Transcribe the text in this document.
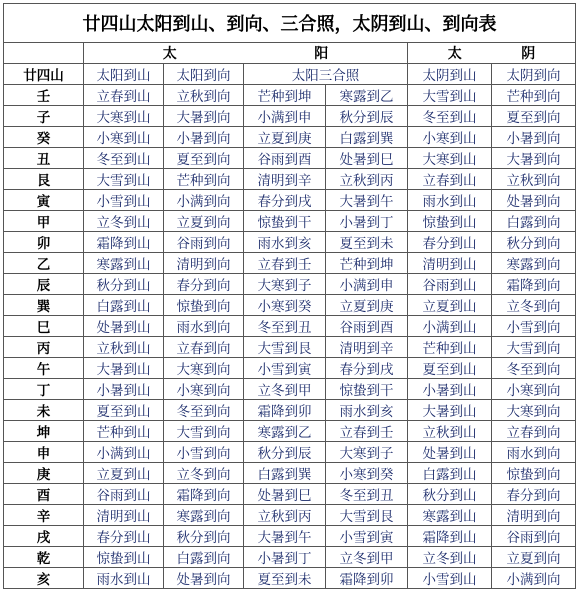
廿四山太阳到山、到向、三合照，太阴到山、到向表						

	太 阳				太 阴	

廿四山	太阳到山	太阳到向	太阳三合照		太阴到山	太阴到向
壬	立春到山	立秋到向	芒种到坤	寒露到乙	大雪到山	芒种到向
子	大寒到山	大暑到向	小满到申	秋分到辰	冬至到山	夏至到向
癸	小寒到山	小暑到向	立夏到庚	白露到巽	小寒到山	小暑到向
丑	冬至到山	夏至到向	谷雨到酉	处暑到巳	大寒到山	大暑到向
艮	大雪到山	芒种到向	清明到辛	立秋到丙	立春到山	立秋到向
寅	小雪到山	小满到向	春分到戌	大暑到午	雨水到山	处暑到向
甲	立冬到山	立夏到向	惊蛰到干	小暑到丁	惊蛰到山	白露到向
卯	霜降到山	谷雨到向	雨水到亥	夏至到未	春分到山	秋分到向
乙	寒露到山	清明到向	立春到壬	芒种到坤	清明到山	寒露到向
辰	秋分到山	春分到向	大寒到子	小满到申	谷雨到山	霜降到向
巽	白露到山	惊蛰到向	小寒到癸	立夏到庚	立夏到山	立冬到向
巳	处暑到山	雨水到向	冬至到丑	谷雨到酉	小满到山	小雪到向
丙	立秋到山	立春到向	大雪到艮	清明到辛	芒种到山	大雪到向
午	大暑到山	大寒到向	小雪到寅	春分到戌	夏至到山	冬至到向
丁	小暑到山	小寒到向	立冬到甲	惊蛰到干	小暑到山	小寒到向
未	夏至到山	冬至到向	霜降到卯	雨水到亥	大暑到山	大寒到向
坤	芒种到山	大雪到向	寒露到乙	立春到壬	立秋到山	立春到向
申	小满到山	小雪到向	秋分到辰	大寒到子	处暑到山	雨水到向
庚	立夏到山	立冬到向	白露到巽	小寒到癸	白露到山	惊蛰到向
酉	谷雨到山	霜降到向	处暑到巳	冬至到丑	秋分到山	春分到向
辛	清明到山	寒露到向	立秋到丙	大雪到艮	寒露到山	清明到向
戌	春分到山	秋分到向	大暑到午	小雪到寅	霜降到山	谷雨到向
乾	惊蛰到山	白露到向	小暑到丁	立冬到甲	立冬到山	立夏到向
亥	雨水到山	处暑到向	夏至到未	霜降到卯	小雪到山	小满到向
